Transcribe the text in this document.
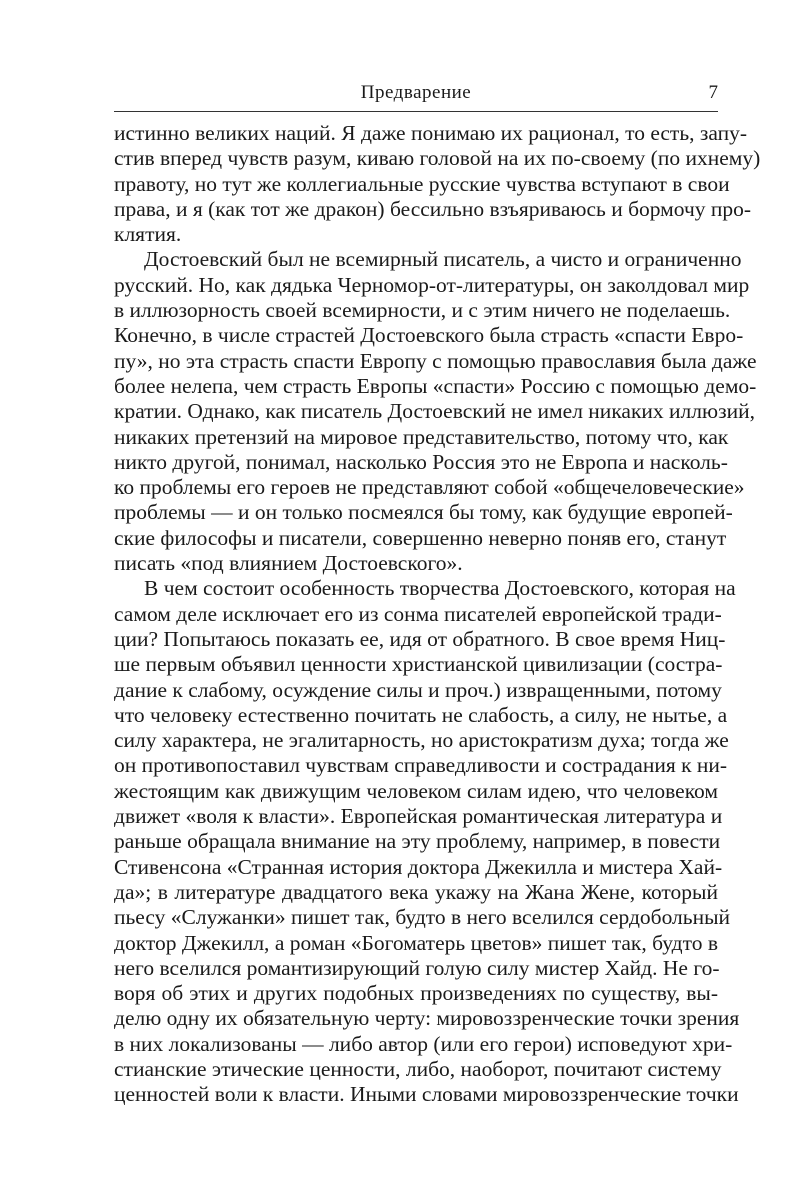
Предварение	7
истинно великих наций. Я даже понимаю их рационал, то есть, запу-
стив вперед чувств разум, киваю головой на их по-своему (по ихнему)
правоту, но тут же коллегиальные русские чувства вступают в свои
права, и я (как тот же дракон) бессильно взъяриваюсь и бормочу про-
клятия.
Достоевский был не всемирный писатель, а чисто и ограниченно
русский. Но, как дядька Черномор-от-литературы, он заколдовал мир
в иллюзорность своей всемирности, и с этим ничего не поделаешь.
Конечно, в числе страстей Достоевского была страсть «спасти Евро-
пу», но эта страсть спасти Европу с помощью православия была даже
более нелепа, чем страсть Европы «спасти» Россию с помощью демо-
кратии. Однако, как писатель Достоевский не имел никаких иллюзий,
никаких претензий на мировое представительство, потому что, как
никто другой, понимал, насколько Россия это не Европа и насколь-
ко проблемы его героев не представляют собой «общечеловеческие»
проблемы — и он только посмеялся бы тому, как будущие европей-
ские философы и писатели, совершенно неверно поняв его, станут
писать «под влиянием Достоевского».
В чем состоит особенность творчества Достоевского, которая на
самом деле исключает его из сонма писателей европейской тради-
ции? Попытаюсь показать ее, идя от обратного. В свое время Ниц-
ше первым объявил ценности христианской цивилизации (состра-
дание к слабому, осуждение силы и проч.) извращенными, потому
что человеку естественно почитать не слабость, а силу, не нытье, а
силу характера, не эгалитарность, но аристократизм духа; тогда же
он противопоставил чувствам справедливости и сострадания к ни-
жестоящим как движущим человеком силам идею, что человеком
движет «воля к власти». Европейская романтическая литература и
раньше обращала внимание на эту проблему, например, в повести
Стивенсона «Странная история доктора Джекилла и мистера Хай-
да»; в литературе двадцатого века укажу на Жана Жене, который
пьесу «Служанки» пишет так, будто в него вселился сердобольный
доктор Джекилл, а роман «Богоматерь цветов» пишет так, будто в
него вселился романтизирующий голую силу мистер Хайд. Не го-
воря об этих и других подобных произведениях по существу, вы-
делю одну их обязательную черту: мировоззренческие точки зрения
в них локализованы — либо автор (или его герои) исповедуют хри-
стианские этические ценности, либо, наоборот, почитают систему
ценностей воли к власти. Иными словами мировоззренческие точки
